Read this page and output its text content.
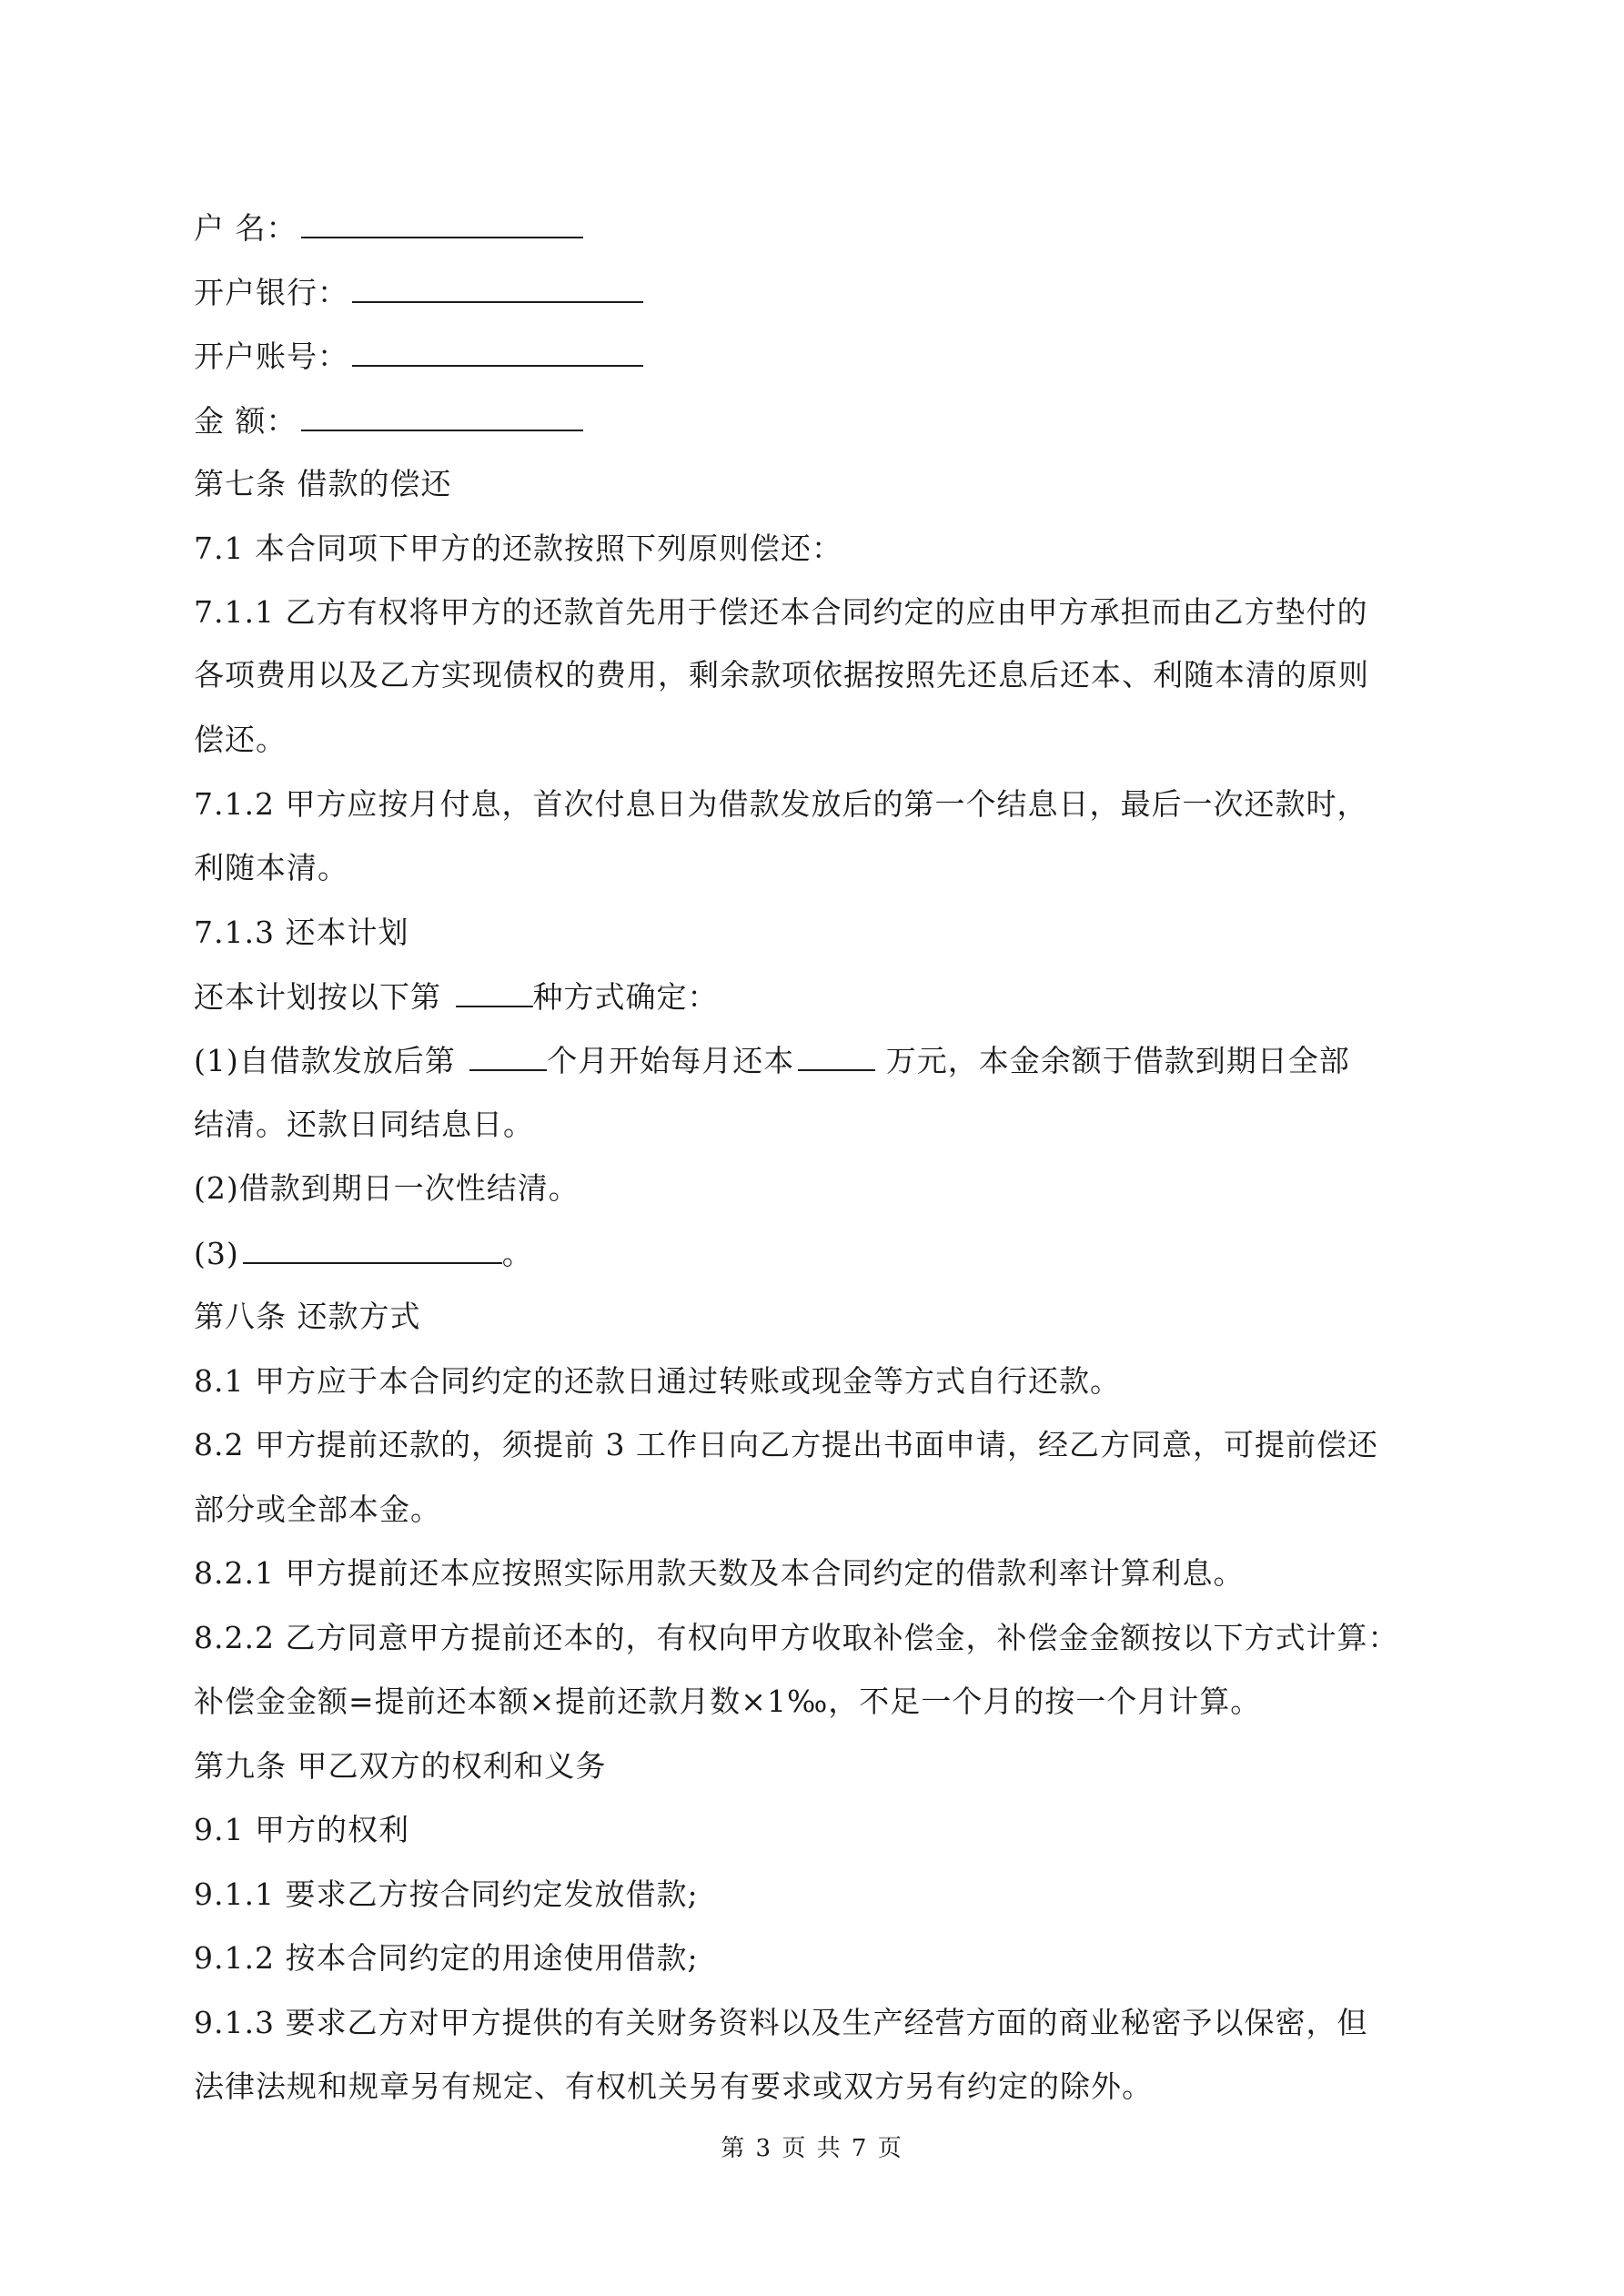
户 名：
开户银行：
开户账号：
金 额：
第七条 借款的偿还
7.1 本合同项下甲方的还款按照下列原则偿还：
7.1.1 乙方有权将甲方的还款首先用于偿还本合同约定的应由甲方承担而由乙方垫付的
各项费用以及乙方实现债权的费用，剩余款项依据按照先还息后还本、利随本清的原则
偿还。
7.1.2 甲方应按月付息，首次付息日为借款发放后的第一个结息日，最后一次还款时，
利随本清。
7.1.3 还本计划
还本计划按以下第	种方式确定：
(1)自借款发放后第	个月开始每月还本	万元，本金余额于借款到期日全部
结清。还款日同结息日。
(2)借款到期日一次性结清。
(3)	。
第八条 还款方式
8.1 甲方应于本合同约定的还款日通过转账或现金等方式自行还款。
8.2 甲方提前还款的，须提前 3 工作日向乙方提出书面申请，经乙方同意，可提前偿还
部分或全部本金。
8.2.1 甲方提前还本应按照实际用款天数及本合同约定的借款利率计算利息。
8.2.2 乙方同意甲方提前还本的，有权向甲方收取补偿金，补偿金金额按以下方式计算：
补偿金金额=提前还本额×提前还款月数×1‰，不足一个月的按一个月计算。
第九条 甲乙双方的权利和义务
9.1 甲方的权利
9.1.1 要求乙方按合同约定发放借款;
9.1.2 按本合同约定的用途使用借款;
9.1.3 要求乙方对甲方提供的有关财务资料以及生产经营方面的商业秘密予以保密，但
法律法规和规章另有规定、有权机关另有要求或双方另有约定的除外。
第 3 页 共 7 页
